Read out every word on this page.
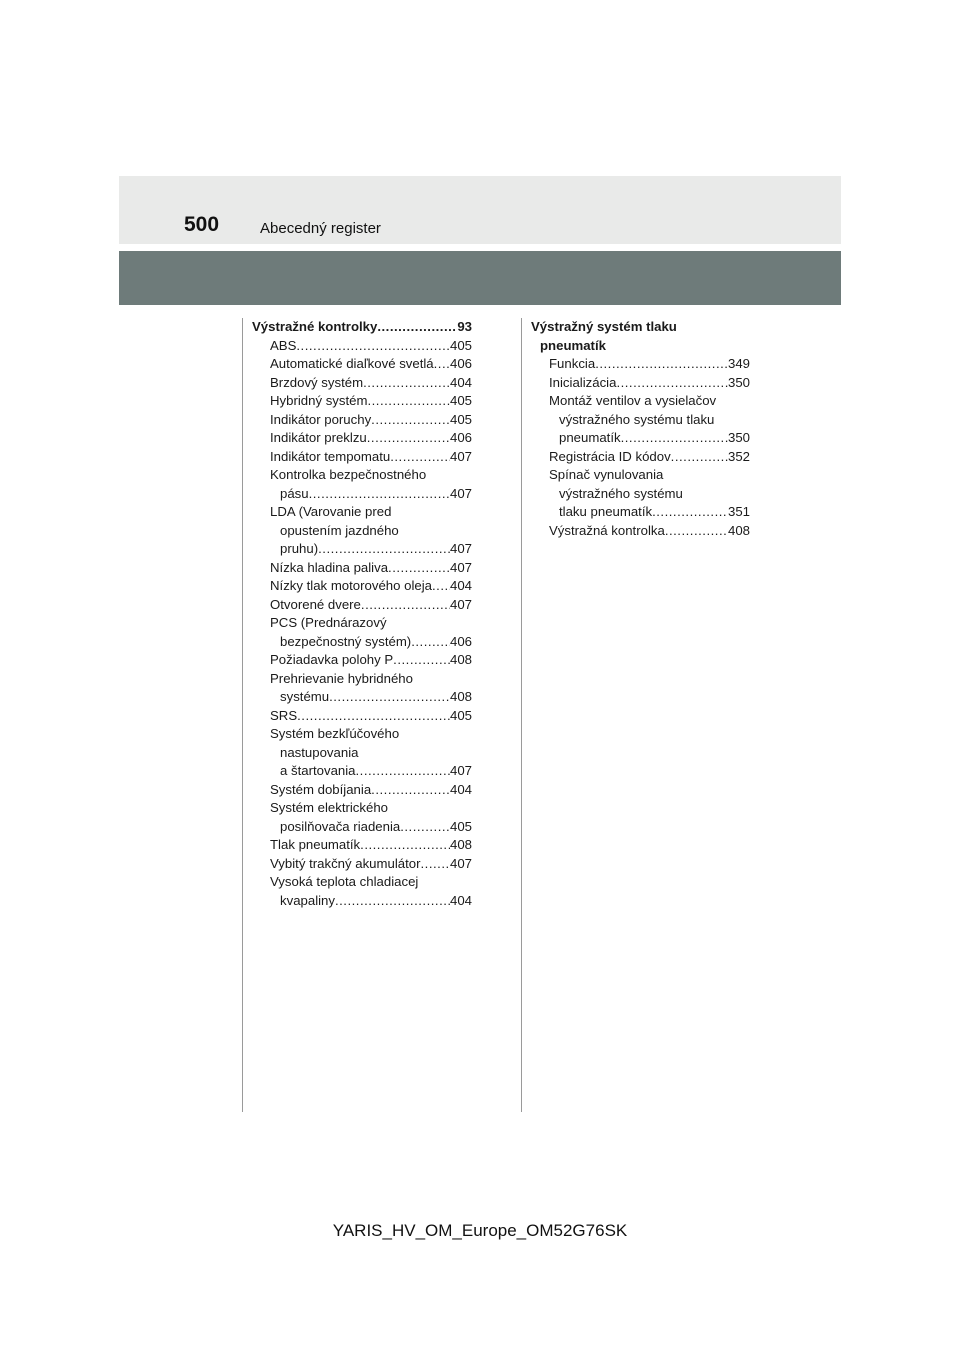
500	Abecedný register
Výstražné kontrolky .....	93
ABS .....	405
Automatické diaľkové svetlá ..... 406
Brzdový systém .....	404
Hybridný systém .....	405
Indikátor poruchy .....	405
Indikátor preklzu .....	406
Indikátor tempomatu .....	407
Kontrolka bezpečnostného
pásu .....	407
LDA (Varovanie pred
opustením jazdného
pruhu) .....	407
Nízka hladina paliva .....	407
Nízky tlak motorového oleja ..... 404
Otvorené dvere .....	407
PCS (Prednárazový
bezpečnostný systém) .....	406
Požiadavka polohy P .....	408
Prehrievanie hybridného
systému .....	408
SRS .....	405
Systém bezkľúčového
nastupovania
a štartovania .....	407
Systém dobíjania .....	404
Systém elektrického
posilňovača riadenia .....	405
Tlak pneumatík .....	408
Vybitý trakčný akumulátor ..... 407
Vysoká teplota chladiacej
kvapaliny .....	404
Výstražný systém tlaku
pneumatík
Funkcia .....	349
Inicializácia .....	350
Montáž ventilov a vysielačov
výstražného systému tlaku
pneumatík .....	350
Registrácia ID kódov .....	352
Spínač vynulovania
výstražného systému
tlaku pneumatík .....	351
Výstražná kontrolka .....	408
YARIS_HV_OM_Europe_OM52G76SK
